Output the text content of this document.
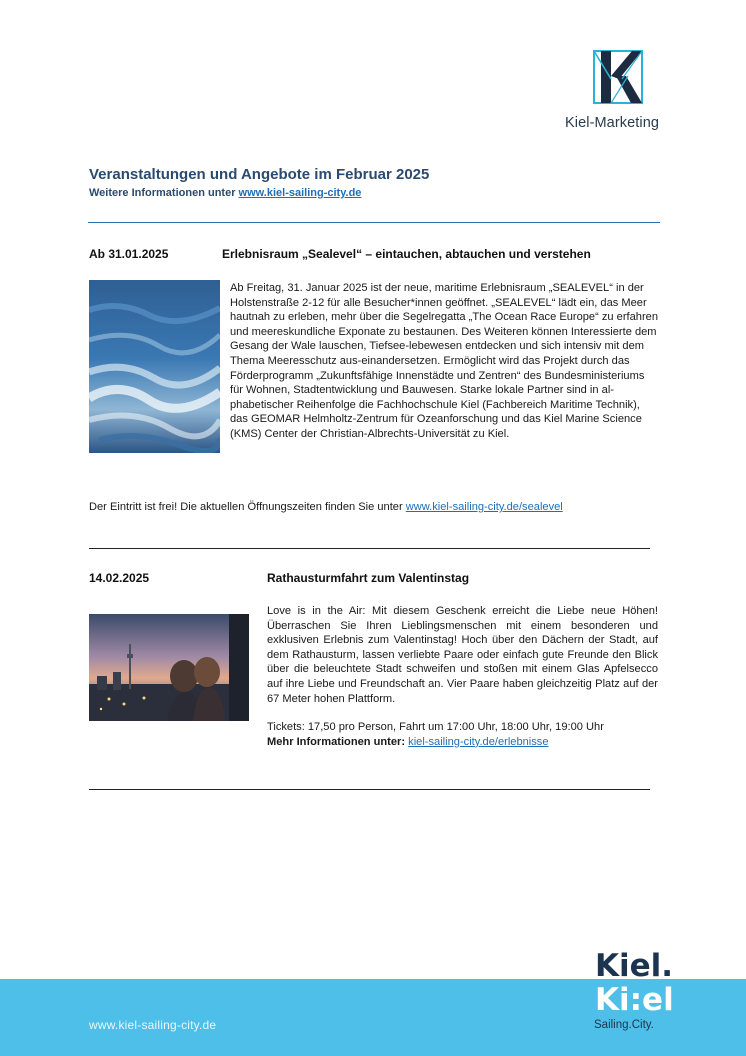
Kiel-Marketing
Veranstaltungen und Angebote im Februar 2025
Weitere Informationen unter www.kiel-sailing-city.de
Ab 31.01.2025	Erlebnisraum „Sealevel“ – eintauchen, abtauchen und verstehen

Ab Freitag, 31. Januar 2025 ist der neue, maritime Erlebnisraum „SEALEVEL“ in der Holstenstraße 2-12 für alle Besucher*innen geöffnet. „SEALEVEL“ lädt ein, das Meer hautnah zu erleben, mehr über die Segelregatta „The Ocean Race Europe“ zu erfahren und meereskundliche Exponate zu bestaunen. Des Weiteren können Interessierte dem Gesang der Wale lauschen, Tiefsee-lebewesen entdecken und sich intensiv mit dem Thema Meeresschutz aus-einandersetzen. Ermöglicht wird das Projekt durch das Förderprogramm „Zukunftsfähige Innenstädte und Zentren“ des Bundesministeriums für Wohnen, Stadtentwicklung und Bauwesen. Starke lokale Partner sind in al-phabetischer Reihenfolge die Fachhochschule Kiel (Fachbereich Maritime Technik), das GEOMAR Helmholtz-Zentrum für Ozeanforschung und das Kiel Marine Science (KMS) Center der Christian-Albrechts-Universität zu Kiel.

Der Eintritt ist frei! Die aktuellen Öffnungszeiten finden Sie unter www.kiel-sailing-city.de/sealevel
14.02.2025	Rathausturmfahrt zum Valentinstag
Love is in the Air: Mit diesem Geschenk erreicht die Liebe neue Höhen! Überraschen Sie Ihren Lieblingsmenschen mit einem besonderen und exklusiven Erlebnis zum Valentinstag! Hoch über den Dächern der Stadt, auf dem Rathausturm, lassen verliebte Paare oder einfach gute Freunde den Blick über die beleuchtete Stadt schweifen und stoßen mit einem Glas Apfelsecco auf ihre Liebe und Freundschaft an. Vier Paare haben gleichzeitig Platz auf der 67 Meter hohen Plattform.
Tickets: 17,50 pro Person, Fahrt um 17:00 Uhr, 18:00 Uhr, 19:00 Uhr
Mehr Informationen unter: kiel-sailing-city.de/erlebnisse
www.kiel-sailing-city.de
Kiel.
Ki:el
Sailing.City.
